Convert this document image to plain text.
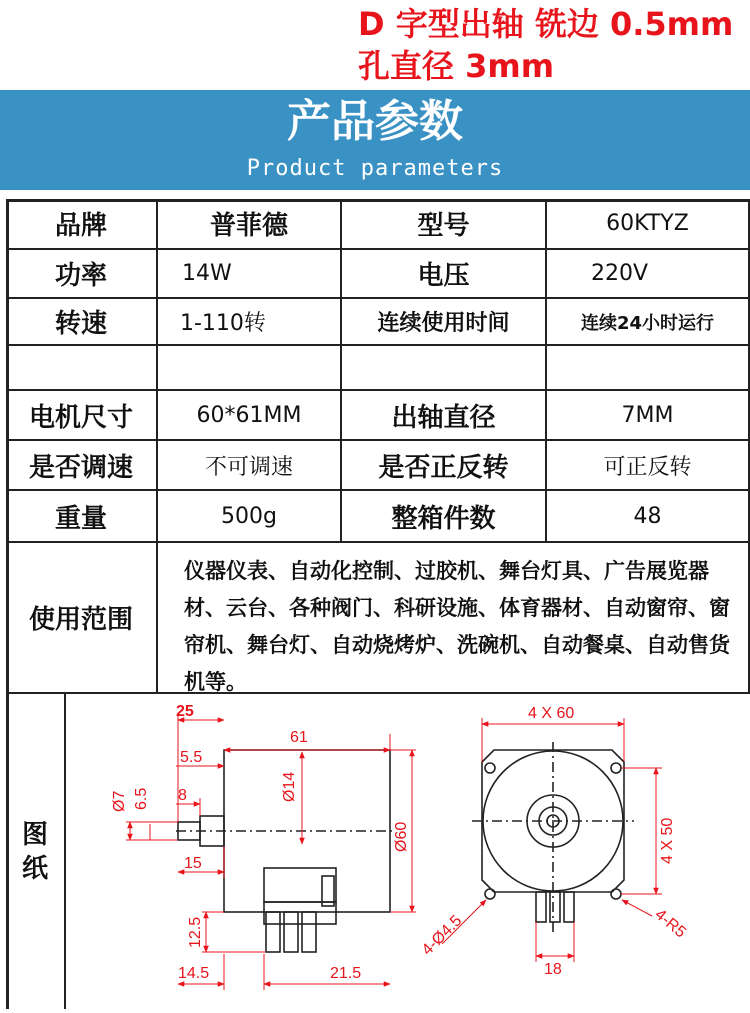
D 字型出轴 铣边 0.5mm
孔直径 3mm
产品参数
Product parameters
品牌	普菲德	型号	60KTYZ
功率	14W	电压	220V
转速	1-110转	连续使用时间	连续24小时运行
电机尺寸	60*61MM	出轴直径	7MM
是否调速	不可调速	是否正反转	可正反转
重量	500g	整箱件数	48
使用范围
仪器仪表、自动化控制、过胶机、舞台灯具、广告展览器材、云台、各种阀门、科研设施、体育器材、自动窗帘、窗帘机、舞台灯、自动烧烤炉、洗碗机、自动餐桌、自动售货机等。
图纸
25
61
5.5
Ø14
Ø7 6.5 8
Ø60
15
12.5
14.5	21.5
4 X 60
4 X 50
4-Ø4.5	4-R5
18
